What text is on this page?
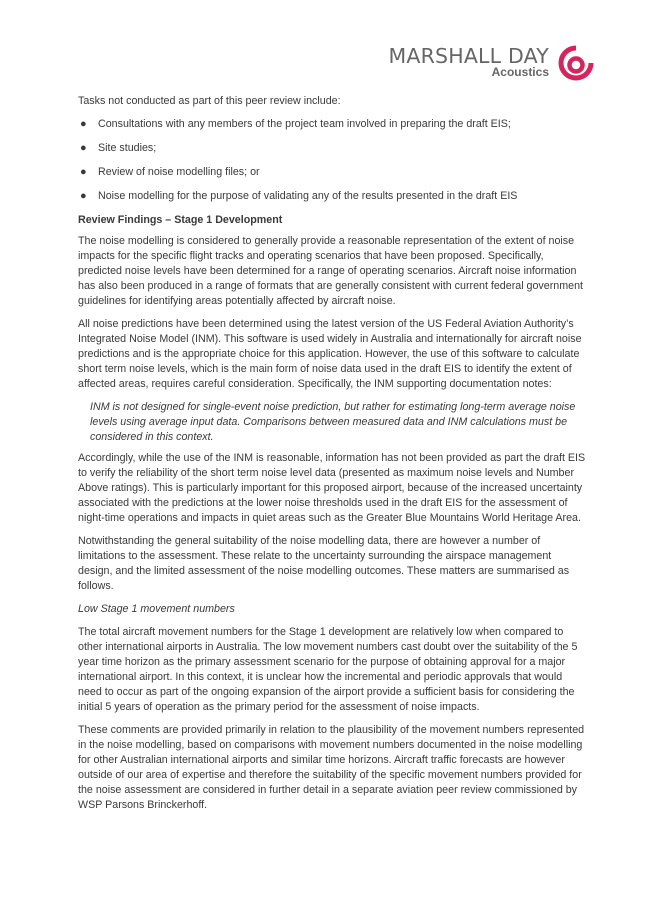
MARSHALL DAY
Acoustics

Tasks not conducted as part of this peer review include:

● Consultations with any members of the project team involved in preparing the draft EIS;
● Site studies;
● Review of noise modelling files; or
● Noise modelling for the purpose of validating any of the results presented in the draft EIS

Review Findings – Stage 1 Development

The noise modelling is considered to generally provide a reasonable representation of the extent of noise impacts for the specific flight tracks and operating scenarios that have been proposed. Specifically, predicted noise levels have been determined for a range of operating scenarios. Aircraft noise information has also been produced in a range of formats that are generally consistent with current federal government guidelines for identifying areas potentially affected by aircraft noise.

All noise predictions have been determined using the latest version of the US Federal Aviation Authority’s Integrated Noise Model (INM). This software is used widely in Australia and internationally for aircraft noise predictions and is the appropriate choice for this application. However, the use of this software to calculate short term noise levels, which is the main form of noise data used in the draft EIS to identify the extent of affected areas, requires careful consideration. Specifically, the INM supporting documentation notes:

INM is not designed for single-event noise prediction, but rather for estimating long-term average noise levels using average input data. Comparisons between measured data and INM calculations must be considered in this context.

Accordingly, while the use of the INM is reasonable, information has not been provided as part the draft EIS to verify the reliability of the short term noise level data (presented as maximum noise levels and Number Above ratings). This is particularly important for this proposed airport, because of the increased uncertainty associated with the predictions at the lower noise thresholds used in the draft EIS for the assessment of night-time operations and impacts in quiet areas such as the Greater Blue Mountains World Heritage Area.

Notwithstanding the general suitability of the noise modelling data, there are however a number of limitations to the assessment. These relate to the uncertainty surrounding the airspace management design, and the limited assessment of the noise modelling outcomes. These matters are summarised as follows.

Low Stage 1 movement numbers

The total aircraft movement numbers for the Stage 1 development are relatively low when compared to other international airports in Australia. The low movement numbers cast doubt over the suitability of the 5 year time horizon as the primary assessment scenario for the purpose of obtaining approval for a major international airport. In this context, it is unclear how the incremental and periodic approvals that would need to occur as part of the ongoing expansion of the airport provide a sufficient basis for considering the initial 5 years of operation as the primary period for the assessment of noise impacts.

These comments are provided primarily in relation to the plausibility of the movement numbers represented in the noise modelling, based on comparisons with movement numbers documented in the noise modelling for other Australian international airports and similar time horizons. Aircraft traffic forecasts are however outside of our area of expertise and therefore the suitability of the specific movement numbers provided for the noise assessment are considered in further detail in a separate aviation peer review commissioned by WSP Parsons Brinckerhoff.
